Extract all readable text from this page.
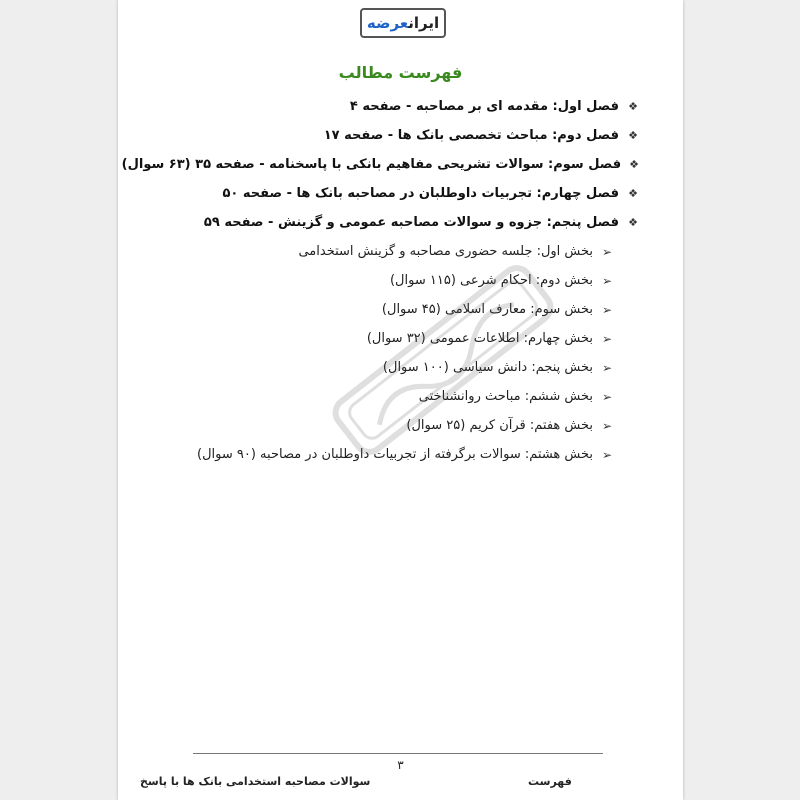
ایرانعرضه
فهرست مطالب
❖
فصل اول: مقدمه ای بر مصاحبه - صفحه ۴
❖
فصل دوم: مباحث تخصصی بانک ها - صفحه ۱۷
❖
فصل سوم: سوالات تشریحی مفاهیم بانکی با پاسخنامه - صفحه ۳۵ (۶۳ سوال)
❖
فصل چهارم: تجربیات داوطلبان در مصاحبه بانک ها - صفحه ۵۰
❖
فصل پنجم: جزوه و سوالات مصاحبه عمومی و گزینش - صفحه ۵۹
➢
بخش اول: جلسه حضوری مصاحبه و گزینش استخدامی
➢
بخش دوم: احکام شرعی (۱۱۵ سوال)
➢
بخش سوم: معارف اسلامی (۴۵ سوال)
➢
بخش چهارم: اطلاعات عمومی (۳۲ سوال)
➢
بخش پنجم: دانش سیاسی (۱۰۰ سوال)
➢
بخش ششم: مباحث روانشناختی
➢
بخش هفتم: قرآن کریم (۲۵ سوال)
➢
بخش هشتم: سوالات برگرفته از تجربیات داوطلبان در مصاحبه (۹۰ سوال)
۳
سوالات مصاحبه استخدامی بانک ها با پاسخ	فهرست
